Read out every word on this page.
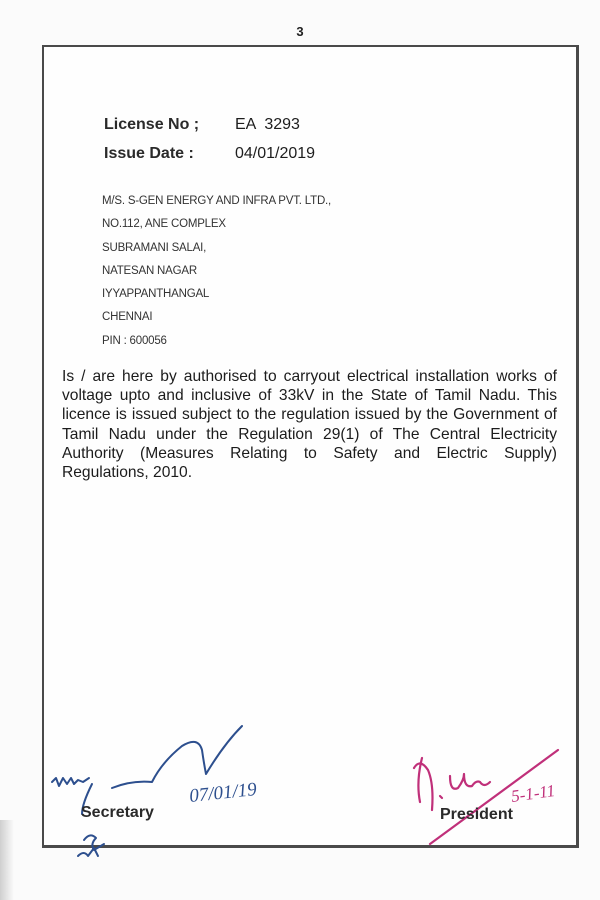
3
License No ; EA  3293
Issue Date :	04/01/2019
M/S. S-GEN ENERGY AND INFRA PVT. LTD.,
NO.112, ANE COMPLEX
SUBRAMANI SALAI,
NATESAN NAGAR
IYYAPPANTHANGAL
CHENNAI
PIN : 600056
Is / are here by authorised to carryout electrical installation works of voltage upto and inclusive of 33kV in the State of Tamil Nadu. This licence is issued subject to the regulation issued by the Government of Tamil Nadu under the Regulation 29(1) of The Central Electricity Authority (Measures Relating to Safety and Electric Supply) Regulations, 2010.
07/01/19
Secretary
5-1-11
President
